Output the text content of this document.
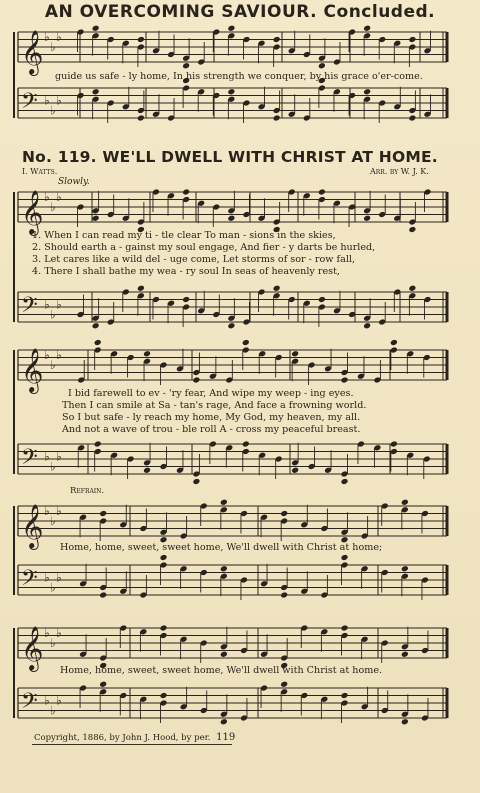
𝄞 ♭
♭
♭
𝄢 ♭
♭
♭
𝄞 ♭
♭
♭
𝄢 ♭
♭
♭
𝄞 ♭
♭
♭
𝄢 ♭
♭
♭
𝄞 ♭
♭
♭
𝄢 ♭
♭
♭
𝄞 ♭
♭
♭
𝄢 ♭
♭
♭
AN OVERCOMING SAVIOUR. Concluded.
guide us safe - ly home, In his strength we conquer, by his grace o'er-come.
No. 119. WE'LL DWELL WITH CHRIST AT HOME.
I. Watts.	Arr. by W. J. K.
Slowly.
1. When I can read my ti - tle clear To man - sions in the skies,
2. Should earth a - gainst my soul engage, And fier - y darts be hurled,
3. Let cares like a wild del - uge come, Let storms of sor - row fall,
4. There I shall bathe my wea - ry soul In seas of heavenly rest,
I bid farewell to ev - 'ry fear, And wipe my weep - ing eyes.
Then I can smile at Sa - tan's rage, And face a frowning world.
So I but safe - ly reach my home, My God, my heaven, my all.
And not a wave of trou - ble roll A - cross my peaceful breast.
Refrain.
Home, home, sweet, sweet home, We'll dwell with Christ at home;
Home, home, sweet, sweet home, We'll dwell with Christ at home.
Copyright, 1886, by John J. Hood, by per. 119
